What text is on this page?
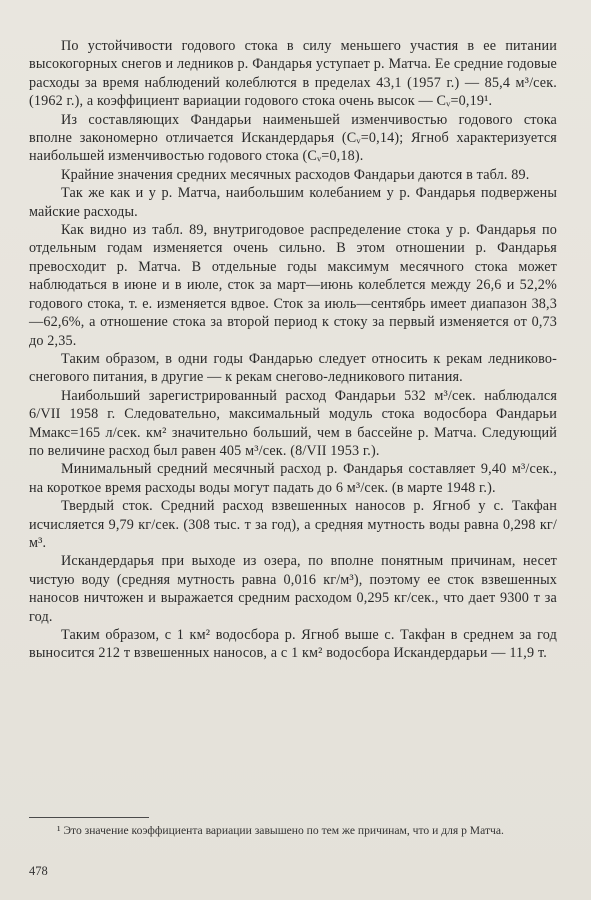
По устойчивости годового стока в силу меньшего участия в ее питании высокогорных снегов и ледников р. Фандарья уступает р. Матча. Ее средние годовые расходы за время наблюдений колеблются в пределах 43,1 (1957 г.) — 85,4 м³/сек. (1962 г.), а коэффициент вариации годового стока очень высок — Cᵥ=0,19¹.

Из составляющих Фандарьи наименьшей изменчивостью годового стока вполне закономерно отличается Искандердарья (Cᵥ=0,14); Ягноб характеризуется наибольшей изменчивостью годового стока (Cᵥ=0,18).

Крайние значения средних месячных расходов Фандарьи даются в табл. 89.

Так же как и у р. Матча, наибольшим колебанием у р. Фандарья подвержены майские расходы.

Как видно из табл. 89, внутригодовое распределение стока у р. Фандарья по отдельным годам изменяется очень сильно. В этом отношении р. Фандарья превосходит р. Матча. В отдельные годы максимум месячного стока может наблюдаться в июне и в июле, сток за март—июнь колеблется между 26,6 и 52,2% годового стока, т. е. изменяется вдвое. Сток за июль—сентябрь имеет диапазон 38,3—62,6%, а отношение стока за второй период к стоку за первый изменяется от 0,73 до 2,35.

Таким образом, в одни годы Фандарью следует относить к рекам ледниково-снегового питания, в другие — к рекам снегово-ледникового питания.

Наибольший зарегистрированный расход Фандарьи 532 м³/сек. наблюдался 6/VII 1958 г. Следовательно, максимальный модуль стока водосбора Фандарьи Mмакс=165 л/сек. км² значительно больший, чем в бассейне р. Матча. Следующий по величине расход был равен 405 м³/сек. (8/VII 1953 г.).

Минимальный средний месячный расход р. Фандарья составляет 9,40 м³/сек., на короткое время расходы воды могут падать до 6 м³/сек. (в марте 1948 г.).

Твердый сток. Средний расход взвешенных наносов р. Ягноб у с. Такфан исчисляется 9,79 кг/сек. (308 тыс. т за год), а средняя мутность воды равна 0,298 кг/м³.

Искандердарья при выходе из озера, по вполне понятным причинам, несет чистую воду (средняя мутность равна 0,016 кг/м³), поэтому ее сток взвешенных наносов ничтожен и выражается средним расходом 0,295 кг/сек., что дает 9300 т за год.

Таким образом, с 1 км² водосбора р. Ягноб выше с. Такфан в среднем за год выносится 212 т взвешенных наносов, а с 1 км² водосбора Искандердарьи — 11,9 т.

¹ Это значение коэффициента вариации завышено по тем же причинам, что и для р Матча.

478
